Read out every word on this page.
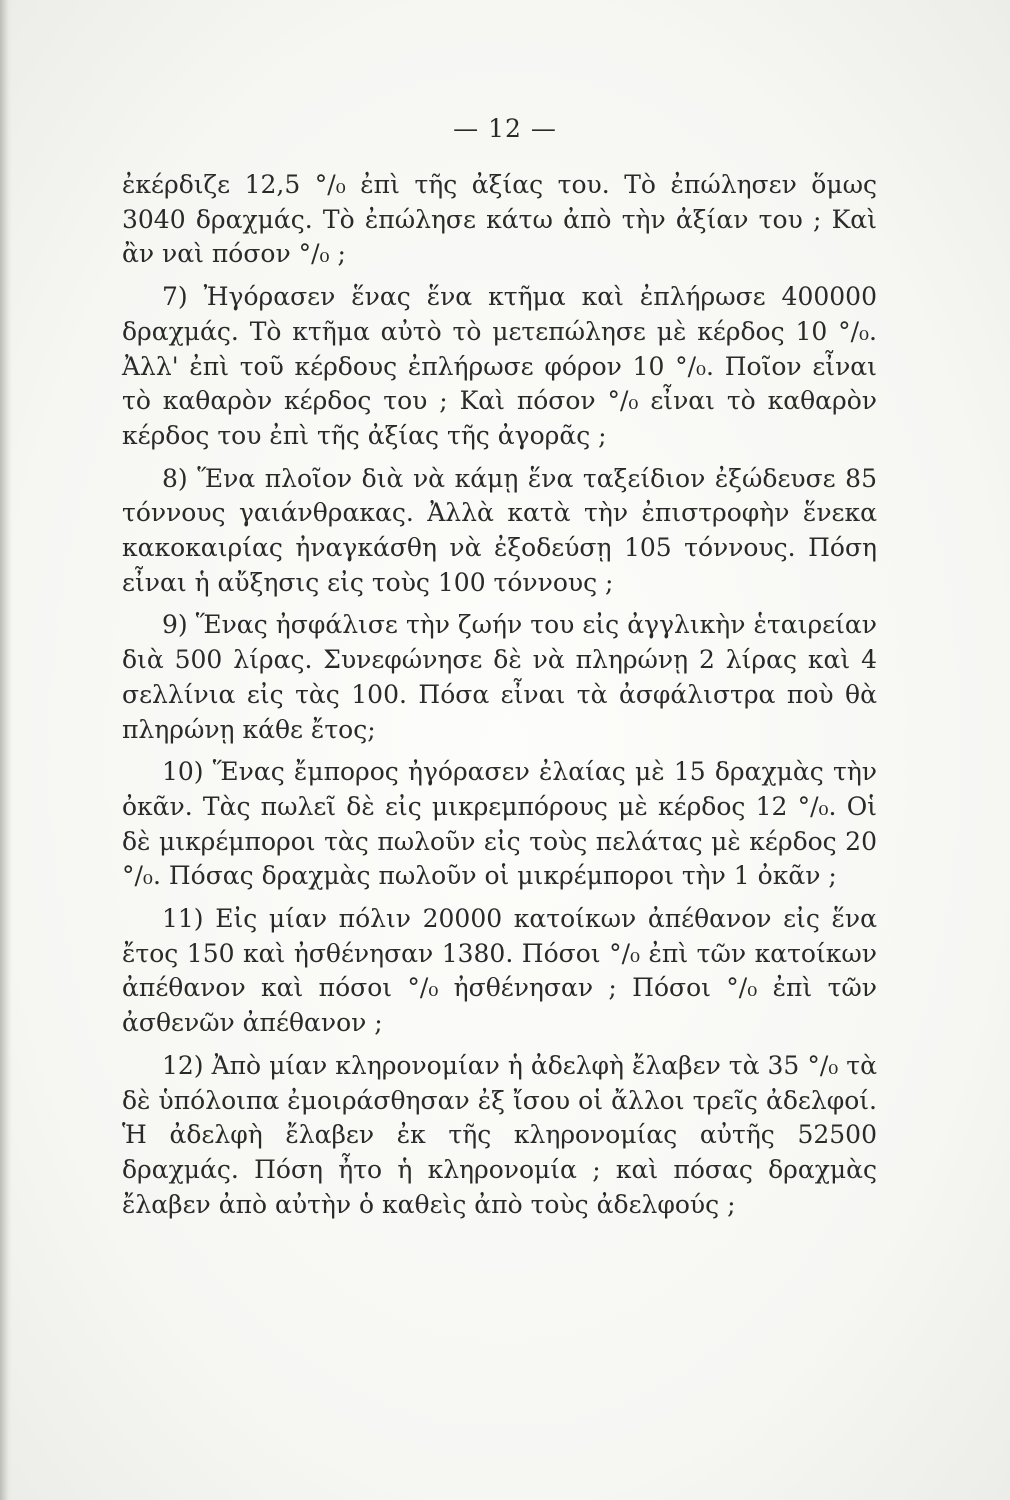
— 12 —

ἐκέρδιζε 12,5 °/₀ ἐπὶ τῆς ἀξίας του. Τὸ ἐπώλησεν ὅμως 3040 δραχμάς. Τὸ ἐπώλησε κάτω ἀπὸ τὴν ἀξίαν του ; Καὶ ἂν ναὶ πόσον °/₀ ;

7) Ἠγόρασεν ἕνας ἕνα κτῆμα καὶ ἐπλήρωσε 400000 δραχμάς. Τὸ κτῆμα αὐτὸ τὸ μετεπώλησε μὲ κέρδος 10 °/₀. Ἀλλ' ἐπὶ τοῦ κέρδους ἐπλήρωσε φόρον 10 °/₀. Ποῖον εἶναι τὸ καθαρὸν κέρδος του ; Καὶ πόσον °/₀ εἶναι τὸ καθαρὸν κέρδος του ἐπὶ τῆς ἀξίας τῆς ἀγορᾶς ;

8) Ἕνα πλοῖον διὰ νὰ κάμῃ ἕνα ταξείδιον ἐξώδευσε 85 τόννους γαιάνθρακας. Ἀλλὰ κατὰ τὴν ἐπιστροφὴν ἕνεκα κακοκαιρίας ἠναγκάσθη νὰ ἐξοδεύσῃ 105 τόννους. Πόση εἶναι ἡ αὔξησις εἰς τοὺς 100 τόννους ;

9) Ἕνας ἠσφάλισε τὴν ζωήν του εἰς ἀγγλικὴν ἑταιρείαν διὰ 500 λίρας. Συνεφώνησε δὲ νὰ πληρώνῃ 2 λίρας καὶ 4 σελλίνια εἰς τὰς 100. Πόσα εἶναι τὰ ἀσφάλιστρα ποὺ θὰ πληρώνῃ κάθε ἔτος;

10) Ἕνας ἔμπορος ἠγόρασεν ἐλαίας μὲ 15 δραχμὰς τὴν ὀκᾶν. Τὰς πωλεῖ δὲ εἰς μικρεμπόρους μὲ κέρδος 12 °/₀. Οἱ δὲ μικρέμποροι τὰς πωλοῦν εἰς τοὺς πελάτας μὲ κέρδος 20 °/₀. Πόσας δραχμὰς πωλοῦν οἱ μικρέμποροι τὴν 1 ὀκᾶν ;

11) Εἰς μίαν πόλιν 20000 κατοίκων ἀπέθανον εἰς ἕνα ἔτος 150 καὶ ἠσθένησαν 1380. Πόσοι °/₀ ἐπὶ τῶν κατοίκων ἀπέθανον καὶ πόσοι °/₀ ἠσθένησαν ; Πόσοι °/₀ ἐπὶ τῶν ἀσθενῶν ἀπέθανον ;

12) Ἀπὸ μίαν κληρονομίαν ἡ ἀδελφὴ ἔλαβεν τὰ 35 °/₀ τὰ δὲ ὑπόλοιπα ἐμοιράσθησαν ἐξ ἴσου οἱ ἄλλοι τρεῖς ἀδελφοί. Ἡ ἀδελφὴ ἔλαβεν ἐκ τῆς κληρονομίας αὐτῆς 52500 δραχμάς. Πόση ἦτο ἡ κληρονομία ; καὶ πόσας δραχμὰς ἔλαβεν ἀπὸ αὐτὴν ὁ καθεὶς ἀπὸ τοὺς ἀδελφούς ;
